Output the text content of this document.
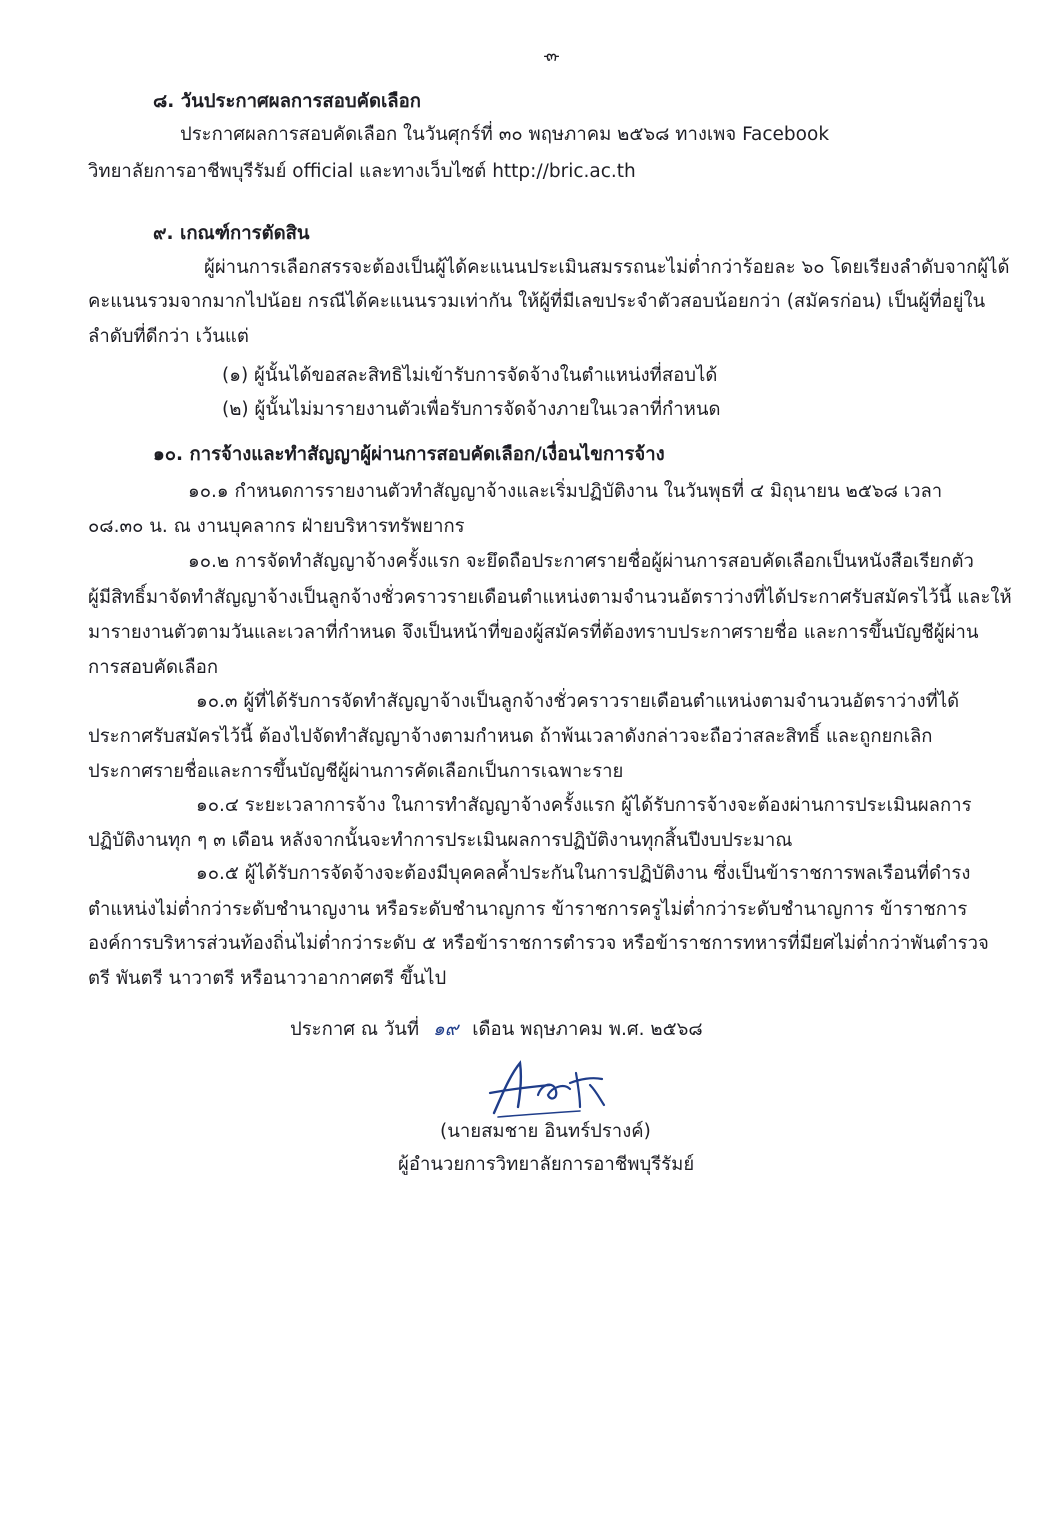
-๓-
๘. วันประกาศผลการสอบคัดเลือก
ประกาศผลการสอบคัดเลือก ในวันศุกร์ที่ ๓๐ พฤษภาคม ๒๕๖๘ ทางเพจ Facebook
วิทยาลัยการอาชีพบุรีรัมย์ official และทางเว็บไซต์ http://bric.ac.th
๙. เกณฑ์การตัดสิน
ผู้ผ่านการเลือกสรรจะต้องเป็นผู้ได้คะแนนประเมินสมรรถนะไม่ต่ำกว่าร้อยละ ๖๐ โดยเรียงลำดับจากผู้ได้
คะแนนรวมจากมากไปน้อย กรณีได้คะแนนรวมเท่ากัน ให้ผู้ที่มีเลขประจำตัวสอบน้อยกว่า (สมัครก่อน) เป็นผู้ที่อยู่ใน
ลำดับที่ดีกว่า เว้นแต่
(๑) ผู้นั้นได้ขอสละสิทธิไม่เข้ารับการจัดจ้างในตำแหน่งที่สอบได้
(๒) ผู้นั้นไม่มารายงานตัวเพื่อรับการจัดจ้างภายในเวลาที่กำหนด
๑๐. การจ้างและทำสัญญาผู้ผ่านการสอบคัดเลือก/เงื่อนไขการจ้าง
๑๐.๑ กำหนดการรายงานตัวทำสัญญาจ้างและเริ่มปฏิบัติงาน ในวันพุธที่ ๔ มิถุนายน ๒๕๖๘ เวลา
๐๘.๓๐ น. ณ งานบุคลากร ฝ่ายบริหารทรัพยากร
๑๐.๒ การจัดทำสัญญาจ้างครั้งแรก จะยึดถือประกาศรายชื่อผู้ผ่านการสอบคัดเลือกเป็นหนังสือเรียกตัว
ผู้มีสิทธิ์มาจัดทำสัญญาจ้างเป็นลูกจ้างชั่วคราวรายเดือนตำแหน่งตามจำนวนอัตราว่างที่ได้ประกาศรับสมัครไว้นี้ และให้
มารายงานตัวตามวันและเวลาที่กำหนด จึงเป็นหน้าที่ของผู้สมัครที่ต้องทราบประกาศรายชื่อ และการขึ้นบัญชีผู้ผ่าน
การสอบคัดเลือก
๑๐.๓ ผู้ที่ได้รับการจัดทำสัญญาจ้างเป็นลูกจ้างชั่วคราวรายเดือนตำแหน่งตามจำนวนอัตราว่างที่ได้
ประกาศรับสมัครไว้นี้ ต้องไปจัดทำสัญญาจ้างตามกำหนด ถ้าพ้นเวลาดังกล่าวจะถือว่าสละสิทธิ์ และถูกยกเลิก
ประกาศรายชื่อและการขึ้นบัญชีผู้ผ่านการคัดเลือกเป็นการเฉพาะราย
๑๐.๔ ระยะเวลาการจ้าง ในการทำสัญญาจ้างครั้งแรก ผู้ได้รับการจ้างจะต้องผ่านการประเมินผลการ
ปฏิบัติงานทุก ๆ ๓ เดือน หลังจากนั้นจะทำการประเมินผลการปฏิบัติงานทุกสิ้นปีงบประมาณ
๑๐.๕ ผู้ได้รับการจัดจ้างจะต้องมีบุคคลค้ำประกันในการปฏิบัติงาน ซึ่งเป็นข้าราชการพลเรือนที่ดำรง
ตำแหน่งไม่ต่ำกว่าระดับชำนาญงาน หรือระดับชำนาญการ ข้าราชการครูไม่ต่ำกว่าระดับชำนาญการ ข้าราชการ
องค์การบริหารส่วนท้องถิ่นไม่ต่ำกว่าระดับ ๕ หรือข้าราชการตำรวจ หรือข้าราชการทหารที่มียศไม่ต่ำกว่าพันตำรวจ
ตรี พันตรี นาวาตรี หรือนาวาอากาศตรี ขึ้นไป
ประกาศ ณ วันที่ ๑๙ เดือน พฤษภาคม พ.ศ. ๒๕๖๘
(นายสมชาย อินทร์ปรางค์)
ผู้อำนวยการวิทยาลัยการอาชีพบุรีรัมย์
